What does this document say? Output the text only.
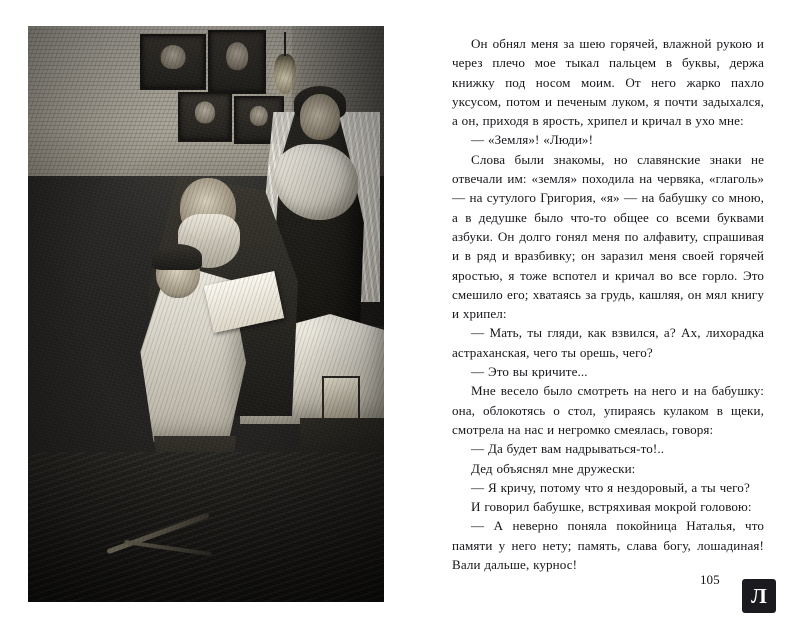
Он обнял меня за шею горячей, влажной рукою и через плечо мое тыкал пальцем в буквы, держа книжку под носом моим. От него жарко пахло уксусом, потом и печеным луком, я почти задыхался, а он, приходя в ярость, хрипел и кричал в ухо мне:

— «Земля»! «Люди»!

Слова были знакомы, но славянские знаки не отвечали им: «земля» походила на червяка, «глаголь» — на сутулого Григория, «я» — на бабушку со мною, а в дедушке было что-то общее со всеми буквами азбуки. Он долго гонял меня по алфавиту, спрашивая и в ряд и вразбивку; он заразил меня своей горячей яростью, я тоже вспотел и кричал во все горло. Это смешило его; хватаясь за грудь, кашляя, он мял книгу и хрипел:

— Мать, ты гляди, как взвился, а? Ах, лихорадка астраханская, чего ты орешь, чего?

— Это вы кричите...

Мне весело было смотреть на него и на бабушку: она, облокотясь о стол, упираясь кулаком в щеки, смотрела на нас и негромко смеялась, говоря:

— Да будет вам надрываться-то!..

Дед объяснял мне дружески:

— Я кричу, потому что я нездоровый, а ты чего?

И говорил бабушке, встряхивая мокрой головою:

— А неверно поняла покойница Наталья, что памяти у него нету; память, слава богу, лошадиная! Вали дальше, курнос!

105
Л
